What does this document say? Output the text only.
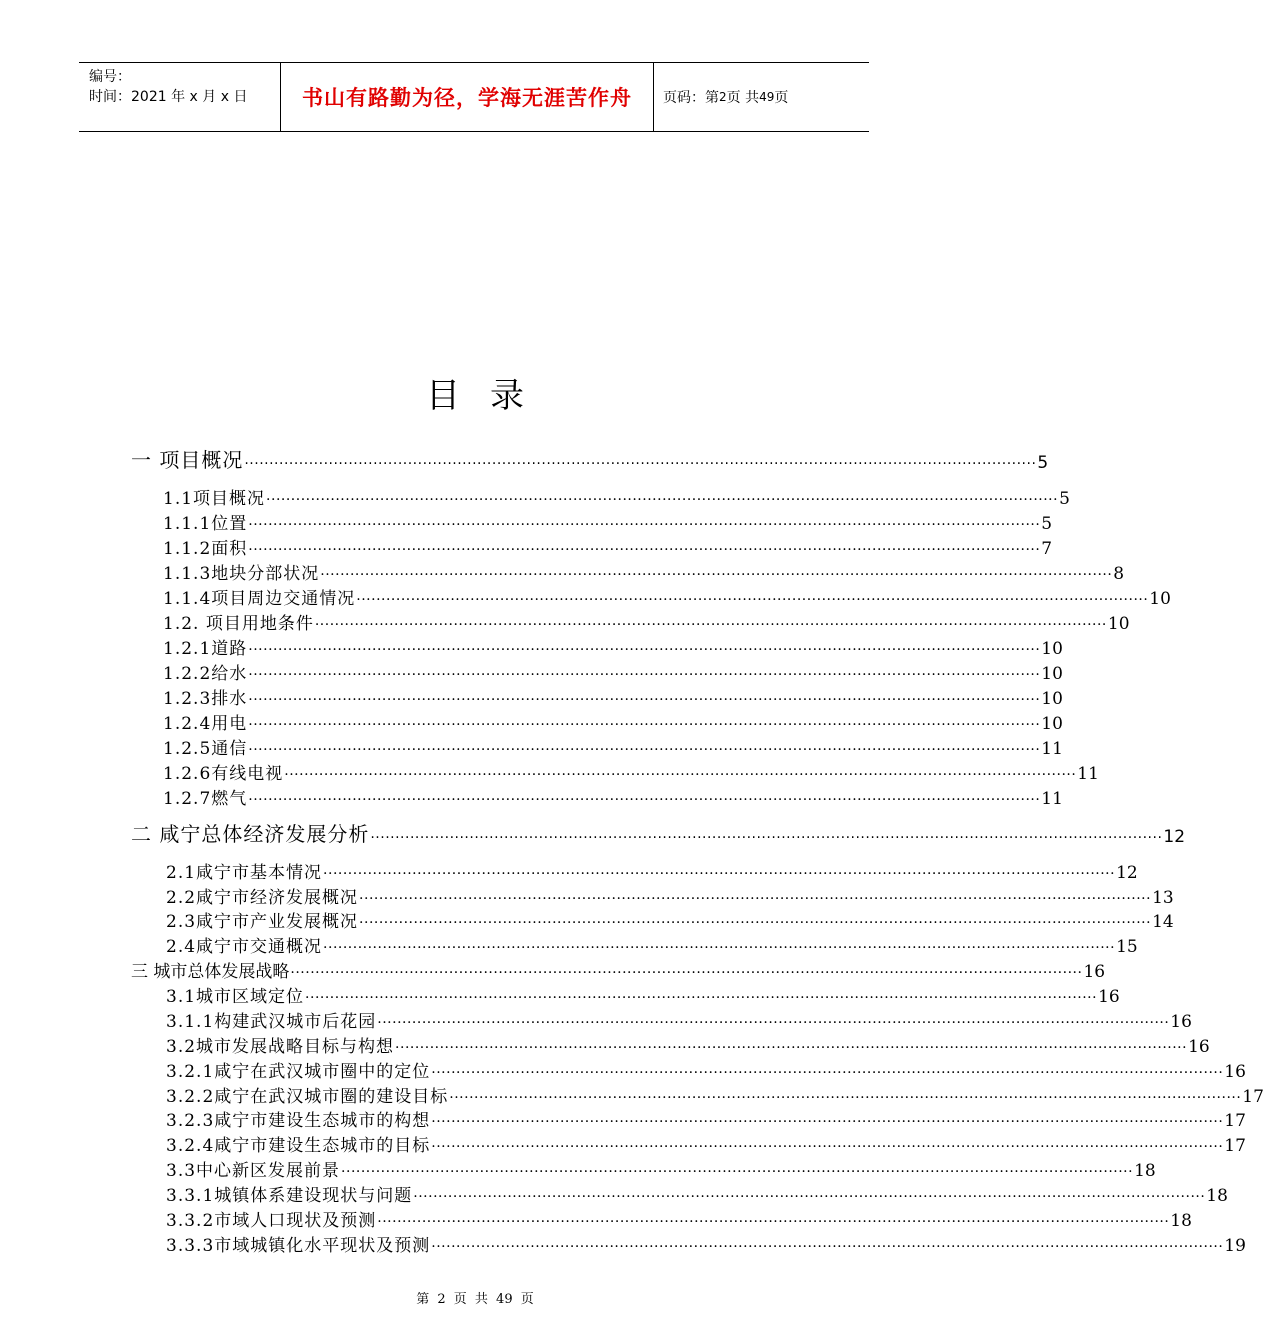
编号：
时间：2021 年 x 月 x 日	书山有路勤为径，学海无涯苦作舟	页码：第 2 页 共 49 页
目录
一 项目概况 ································································································································································ 5
1.1项目概况 ································································································································································ 5
1.1.1位置 ································································································································································ 5
1.1.2面积 ································································································································································ 7
1.1.3地块分部状况 ································································································································································ 8
1.1.4项目周边交通情况 ································································································································································ 10
1.2. 项目用地条件 ································································································································································ 10
1.2.1道路 ································································································································································ 10
1.2.2给水 ································································································································································ 10
1.2.3排水 ································································································································································ 10
1.2.4用电 ································································································································································ 10
1.2.5通信 ································································································································································ 11
1.2.6有线电视 ································································································································································ 11
1.2.7燃气 ································································································································································ 11
二 咸宁总体经济发展分析 ································································································································································ 12
2.1咸宁市基本情况 ································································································································································ 12
2.2咸宁市经济发展概况 ································································································································································ 13
2.3咸宁市产业发展概况 ································································································································································ 14
2.4咸宁市交通概况 ································································································································································ 15
三 城市总体发展战略 ································································································································································ 16
3.1城市区域定位 ································································································································································ 16
3.1.1构建武汉城市后花园 ································································································································································ 16
3.2城市发展战略目标与构想 ································································································································································ 16
3.2.1咸宁在武汉城市圈中的定位 ································································································································································ 16
3.2.2咸宁在武汉城市圈的建设目标 ································································································································································ 17
3.2.3咸宁市建设生态城市的构想 ································································································································································ 17
3.2.4咸宁市建设生态城市的目标 ································································································································································ 17
3.3中心新区发展前景 ································································································································································ 18
3.3.1城镇体系建设现状与问题 ································································································································································ 18
3.3.2市域人口现状及预测 ································································································································································ 18
3.3.3市域城镇化水平现状及预测 ································································································································································ 19
第 2 页 共 49 页
